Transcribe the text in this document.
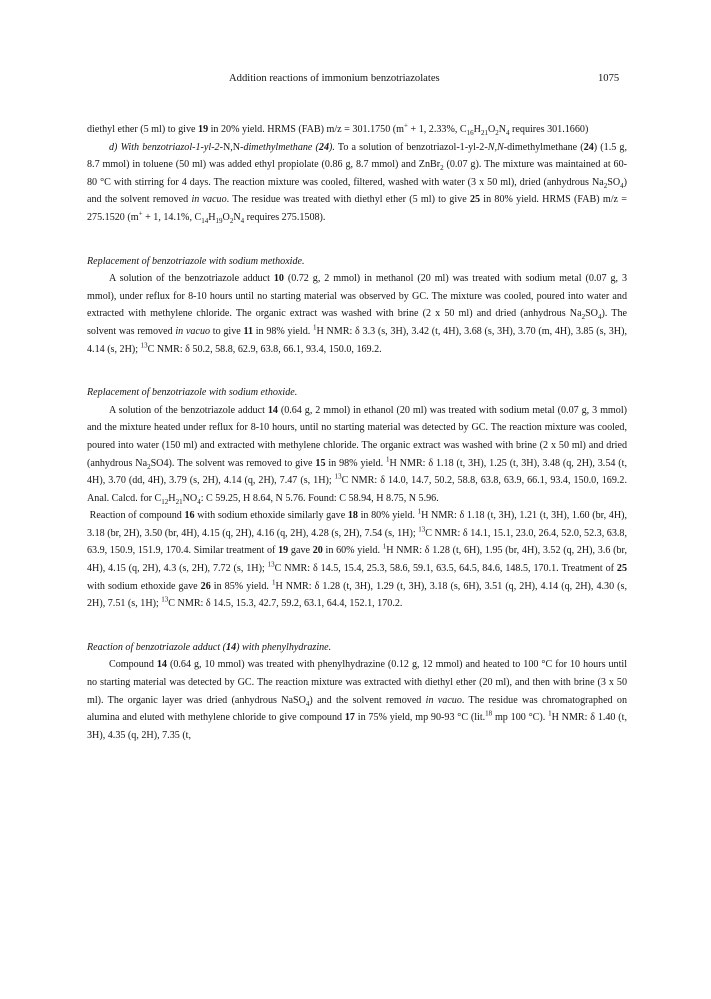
Addition reactions of immonium benzotriazolates	1075

diethyl ether (5 ml) to give 19 in 20% yield. HRMS (FAB) m/z = 301.1750 (m+ + 1, 2.33%, $C_{16}H_{21}O_2N_4$ requires 301.1660)

d) With benzotriazol-1-yl-2-N,N-dimethylmethane (24). To a solution of benzotriazol-1-yl-2-N,N-dimethylmethane (24) (1.5 g, 8.7 mmol) in toluene (50 ml) was added ethyl propiolate (0.86 g, 8.7 mmol) and ZnBr$_2$ (0.07 g). The mixture was maintained at 60-80 °C with stirring for 4 days. The reaction mixture was cooled, filtered, washed with water (3 x 50 ml), dried (anhydrous $Na_2SO_4$) and the solvent removed in vacuo. The residue was treated with diethyl ether (5 ml) to give 25 in 80% yield. HRMS (FAB) m/z = 275.1520 (m+ + 1, 14.1%, $C_{14}H_{19}O_2N_4$ requires 275.1508).

Replacement of benzotriazole with sodium methoxide.

A solution of the benzotriazole adduct 10 (0.72 g, 2 mmol) in methanol (20 ml) was treated with sodium metal (0.07 g, 3 mmol), under reflux for 8-10 hours until no starting material was observed by GC. The mixture was cooled, poured into water and extracted with methylene chloride. The organic extract was washed with brine (2 x 50 ml) and dried (anhydrous $Na_2SO_4$). The solvent was removed in vacuo to give 11 in 98% yield. $^1$H NMR: δ 3.3 (s, 3H), 3.42 (t, 4H), 3.68 (s, 3H), 3.70 (m, 4H), 3.85 (s, 3H), 4.14 (s, 2H); $^{13}$C NMR: δ 50.2, 58.8, 62.9, 63.8, 66.1, 93.4, 150.0, 169.2.

Replacement of benzotriazole with sodium ethoxide.

A solution of the benzotriazole adduct 14 (0.64 g, 2 mmol) in ethanol (20 ml) was treated with sodium metal (0.07 g, 3 mmol) and the mixture heated under reflux for 8-10 hours, until no starting material was detected by GC. The reaction mixture was cooled, poured into water (150 ml) and extracted with methylene chloride. The organic extract was washed with brine (2 x 50 ml) and dried (anhydrous $Na_2SO4$). The solvent was removed to give 15 in 98% yield. $^1$H NMR: δ 1.18 (t, 3H), 1.25 (t, 3H), 3.48 (q, 2H), 3.54 (t, 4H), 3.70 (dd, 4H), 3.79 (s, 2H), 4.14 (q, 2H), 7.47 (s, 1H); $^{13}$C NMR: δ 14.0, 14.7, 50.2, 58.8, 63.8, 63.9, 66.1, 93.4, 150.0, 169.2. Anal. Calcd. for $C_{12}H_{21}NO_4$: C 59.25, H 8.64, N 5.76. Found: C 58.94, H 8.75, N 5.96.

Reaction of compound 16 with sodium ethoxide similarly gave 18 in 80% yield. $^1$H NMR: δ 1.18 (t, 3H), 1.21 (t, 3H), 1.60 (br, 4H), 3.18 (br, 2H), 3.50 (br, 4H), 4.15 (q, 2H), 4.16 (q, 2H), 4.28 (s, 2H), 7.54 (s, 1H); $^{13}$C NMR: δ 14.1, 15.1, 23.0, 26.4, 52.0, 52.3, 63.8, 63.9, 150.9, 151.9, 170.4. Similar treatment of 19 gave 20 in 60% yield. $^1$H NMR: δ 1.28 (t, 6H), 1.95 (br, 4H), 3.52 (q, 2H), 3.6 (br, 4H), 4.15 (q, 2H), 4.3 (s, 2H), 7.72 (s, 1H); $^{13}$C NMR: δ 14.5, 15.4, 25.3, 58.6, 59.1, 63.5, 64.5, 84.6, 148.5, 170.1. Treatment of 25 with sodium ethoxide gave 26 in 85% yield. $^1$H NMR: δ 1.28 (t, 3H), 1.29 (t, 3H), 3.18 (s, 6H), 3.51 (q, 2H), 4.14 (q, 2H), 4.30 (s, 2H), 7.51 (s, 1H); $^{13}$C NMR: δ 14.5, 15.3, 42.7, 59.2, 63.1, 64.4, 152.1, 170.2.

Reaction of benzotriazole adduct (14) with phenylhydrazine.

Compound 14 (0.64 g, 10 mmol) was treated with phenylhydrazine (0.12 g, 12 mmol) and heated to 100 °C for 10 hours until no starting material was detected by GC. The reaction mixture was extracted with diethyl ether (20 ml), and then with brine (3 x 50 ml). The organic layer was dried (anhydrous NaSO$_4$) and the solvent removed in vacuo. The residue was chromatographed on alumina and eluted with methylene chloride to give compound 17 in 75% yield, mp 90-93 °C (lit.$^{18}$ mp 100 °C). $^1$H NMR: δ 1.40 (t, 3H), 4.35 (q, 2H), 7.35 (t,
